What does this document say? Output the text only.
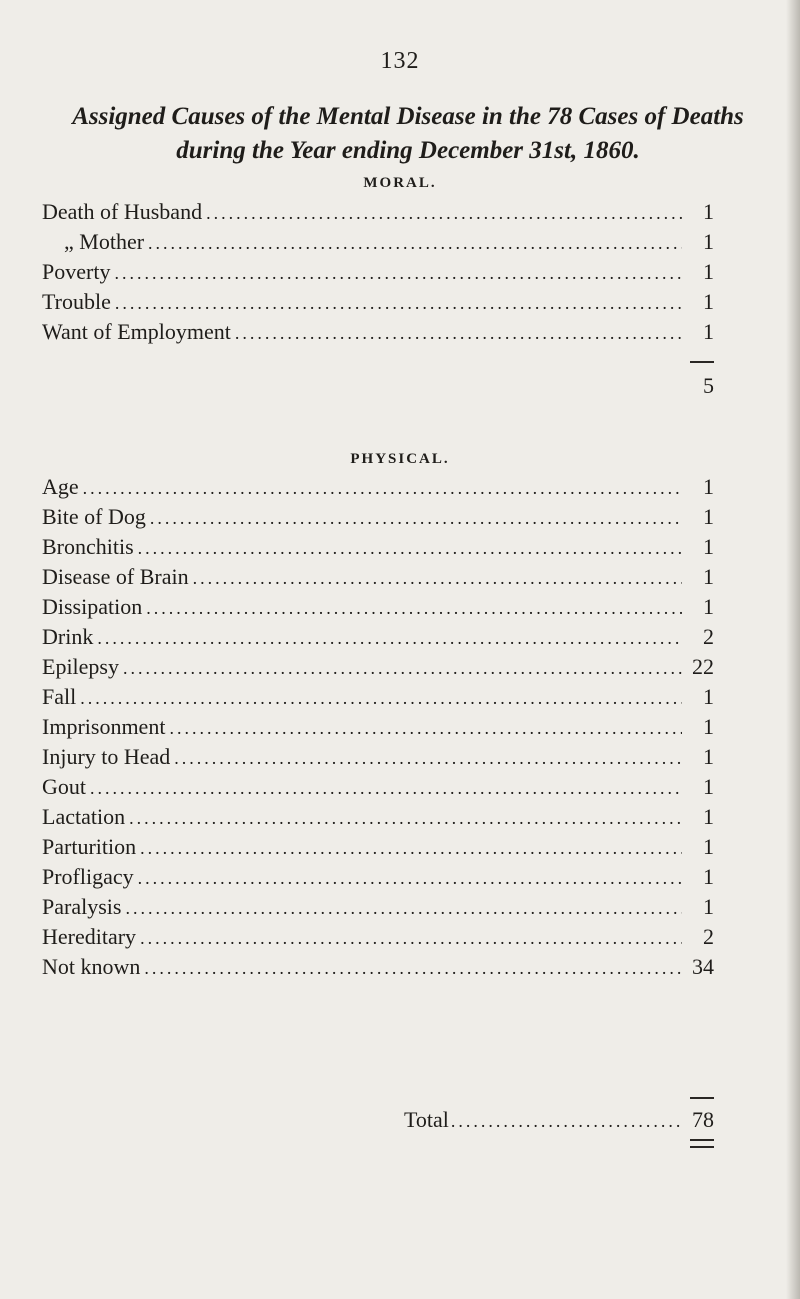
132
Assigned Causes of the Mental Disease in the 78 Cases of Deaths during the Year ending December 31st, 1860.
MORAL.
Death of Husband .....	1
„ Mother .....	1
Poverty .....	1
Trouble .....	1
Want of Employment .....	1
5
PHYSICAL.
Age .....	1
Bite of Dog .....	1
Bronchitis .....	1
Disease of Brain .....	1
Dissipation .....	1
Drink .....	2
Epilepsy .....	22
Fall .....	1
Imprisonment .....	1
Injury to Head .....	1
Gout .....	1
Lactation .....	1
Parturition .....	1
Profligacy .....	1
Paralysis .....	1
Hereditary .....	2
Not known .....	34
Total .....	78
